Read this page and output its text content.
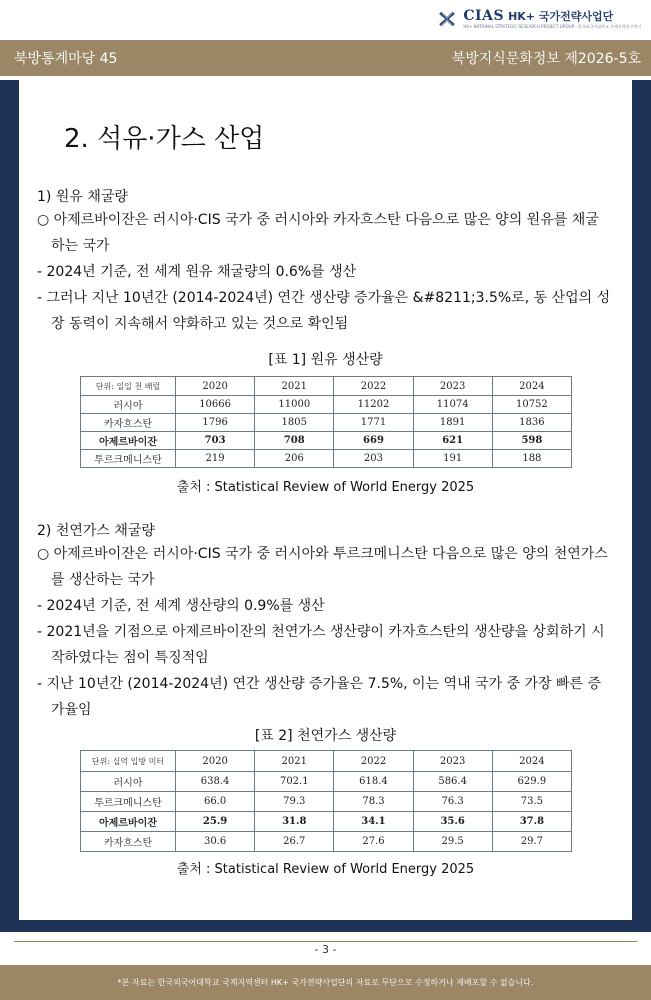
CIAS HK+ 국가전략사업단
HK+ NATIONAL STRATEGIC RESEARCH PROJECT GROUP · 한국외국어대학교 국제지역연구센터
북방통계마당 45	북방지식문화정보 제2026-5호
2. 석유·가스 산업
1) 원유 채굴량
○ 아제르바이잔은 러시아·CIS 국가 중 러시아와 카자흐스탄 다음으로 많은 양의 원유를 채굴
하는 국가
- 2024년 기준, 전 세계 원유 채굴량의 0.6%를 생산
- 그러나 지난 10년간 (2014-2024년) 연간 생산량 증가율은 &#8211;3.5%로, 동 산업의 성
장 동력이 지속해서 약화하고 있는 것으로 확인됨
[표 1] 원유 생산량
단위: 일일 천 배럴	2020	2021	2022	2023	2024
러시아	10666	11000	11202	11074	10752
카자흐스탄	1796	1805	1771	1891	1836
아제르바이잔	703	708	669	621	598
투르크메니스탄	219	206	203	191	188
출처 : Statistical Review of World Energy 2025
2) 천연가스 채굴량
○ 아제르바이잔은 러시아·CIS 국가 중 러시아와 투르크메니스탄 다음으로 많은 양의 천연가스
를 생산하는 국가
- 2024년 기준, 전 세계 생산량의 0.9%를 생산
- 2021년을 기점으로 아제르바이잔의 천연가스 생산량이 카자흐스탄의 생산량을 상회하기 시
작하였다는 점이 특징적임
- 지난 10년간 (2014-2024년) 연간 생산량 증가율은 7.5%, 이는 역내 국가 중 가장 빠른 증
가율임
[표 2] 천연가스 생산량
단위: 십억 입방 미터	2020	2021	2022	2023	2024
러시아	638.4	702.1	618.4	586.4	629.9
투르크메니스탄	66.0	79.3	78.3	76.3	73.5
아제르바이잔	25.9	31.8	34.1	35.6	37.8
카자흐스탄	30.6	26.7	27.6	29.5	29.7
출처 : Statistical Review of World Energy 2025
- 3 -
*본 자료는 한국외국어대학교 국제지역센터 HK+ 국가전략사업단의 자료로 무단으로 수정하거나 재배포할 수 없습니다.
